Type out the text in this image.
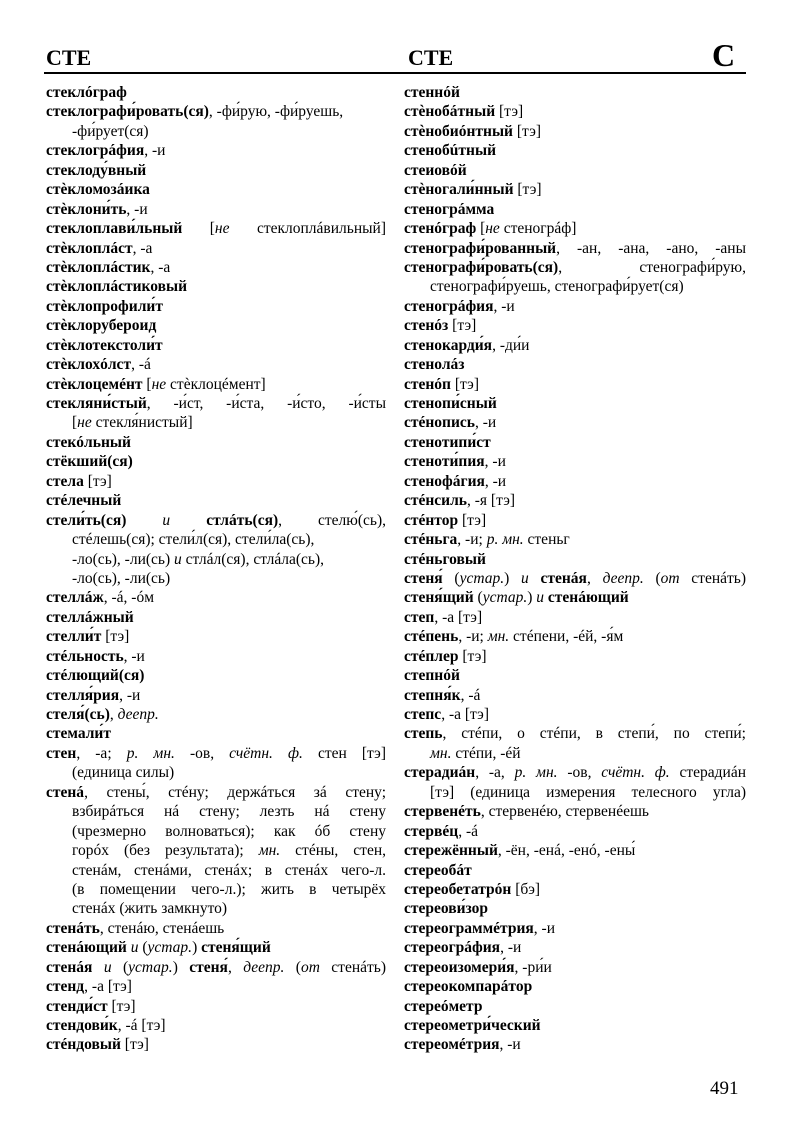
СТЕ	СТЕ	С
стеклóграф
стеклографи́ровать(ся), -фи́рую, -фи́руешь,
-фи́рует(ся)
стеклогрáфия, -и
стеклоду́вный
стѐкломозáика
стѐклони́ть, -и
стеклоплави́льный [не стеклоплáвильный]
стѐклоплáст, -а
стѐклоплáстик, -а
стѐклоплáстиковый
стѐклопрофили́т
стѐклорубероид
стѐклотекстоли́т
стѐклохóлст, -á
стѐклоцемéнт [не стѐклоцéмент]
стекляни́стый, -и́ст, -и́ста, -и́сто, -и́сты
[не стекля́нистый]
стекóльный
стёкший(ся)
стела [тэ]
стéлечный
стели́ть(ся) и стлáть(ся), стелю́(сь),
стéлешь(ся); стели́л(ся), стели́ла(сь),
-ло(сь), -ли(сь) и стлáл(ся), стлáла(сь),
-ло(сь), -ли(сь)
стеллáж, -á, -óм
стеллáжный
стелли́т [тэ]
стéльность, -и
стéлющий(ся)
стелля́рия, -и
стеля́(сь), деепр.
стемали́т
стен, -а; р. мн. -ов, счётн. ф. стен [тэ]
(единица силы)
стенá, стены́, стéну; держáться зá стену;
взбирáться нá стену; лезть нá стену
(чрезмерно волноваться); как óб стену
горóх (без результата); мн. стéны, стен,
стенáм, стенáми, стенáх; в стенáх чего-л.
(в помещении чего-л.); жить в четырёх
стенáх (жить замкнуто)
стенáть, стенáю, стенáешь
стенáющий и (устар.) стеня́щий
стенáя и (устар.) стеня́, деепр. (от стенáть)
стенд, -а [тэ]
стенди́ст [тэ]
стендови́к, -á [тэ]
стéндовый [тэ]
стеннóй
стѐнобáтный [тэ]
стѐнобиóнтный [тэ]
стенобúтный
стеиовóй
стѐногали́нный [тэ]
стеногрáмма
стенóграф [не стеногрáф]
стенографи́рованный, -ан, -ана, -ано, -аны
стенографи́ровать(ся), стенографи́рую,
стенографи́руешь, стенографи́рует(ся)
стеногрáфия, -и
стенóз [тэ]
стенокарди́я, -ди́и
стенолáз
стенóп [тэ]
стенопи́сный
стéнопись, -и
стенотипи́ст
стеноти́пия, -и
стенофáгия, -и
стéнсиль, -я [тэ]
стéнтор [тэ]
стéньга, -и; р. мн. стеньг
стéньговый
стеня́ (устар.) и стенáя, деепр. (от стенáть)
стеня́щий (устар.) и стенáющий
степ, -а [тэ]
стéпень, -и; мн. стéпени, -éй, -я́м
стéплер [тэ]
степнóй
степня́к, -á
степс, -а [тэ]
степь, стéпи, о стéпи, в степи́, по степи́;
мн. стéпи, -éй
стерадиáн, -а, р. мн. -ов, счётн. ф. стерадиáн
[тэ] (единица измерения телесного угла)
стервенéть, стервенéю, стервенéешь
стервéц, -á
стережённый, -ён, -енá, -енó, -ены́
стереобáт
стереобетатрóн [бэ]
стереови́зор
стереограммéтрия, -и
стереогрáфия, -и
стереоизомери́я, -ри́и
стереокомпарáтор
стереóметр
стереометри́ческий
стереомéтрия, -и
491
